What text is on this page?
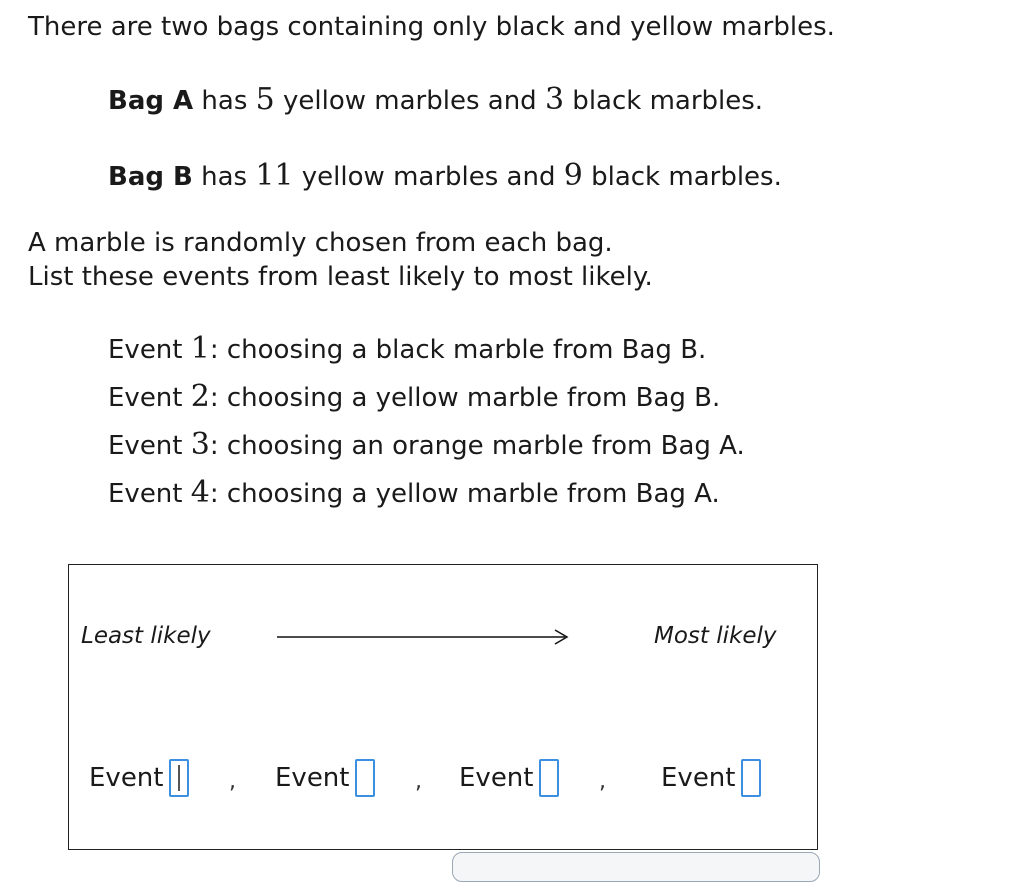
There are two bags containing only black and yellow marbles.

Bag A has 5 yellow marbles and 3 black marbles.

Bag B has 11 yellow marbles and 9 black marbles.

A marble is randomly chosen from each bag.
List these events from least likely to most likely.
Event 1: choosing a black marble from Bag B.
Event 2: choosing a yellow marble from Bag B.
Event 3: choosing an orange marble from Bag A.
Event 4: choosing a yellow marble from Bag A.
Least likely	Most likely
Event	, Event	, Event	, Event
